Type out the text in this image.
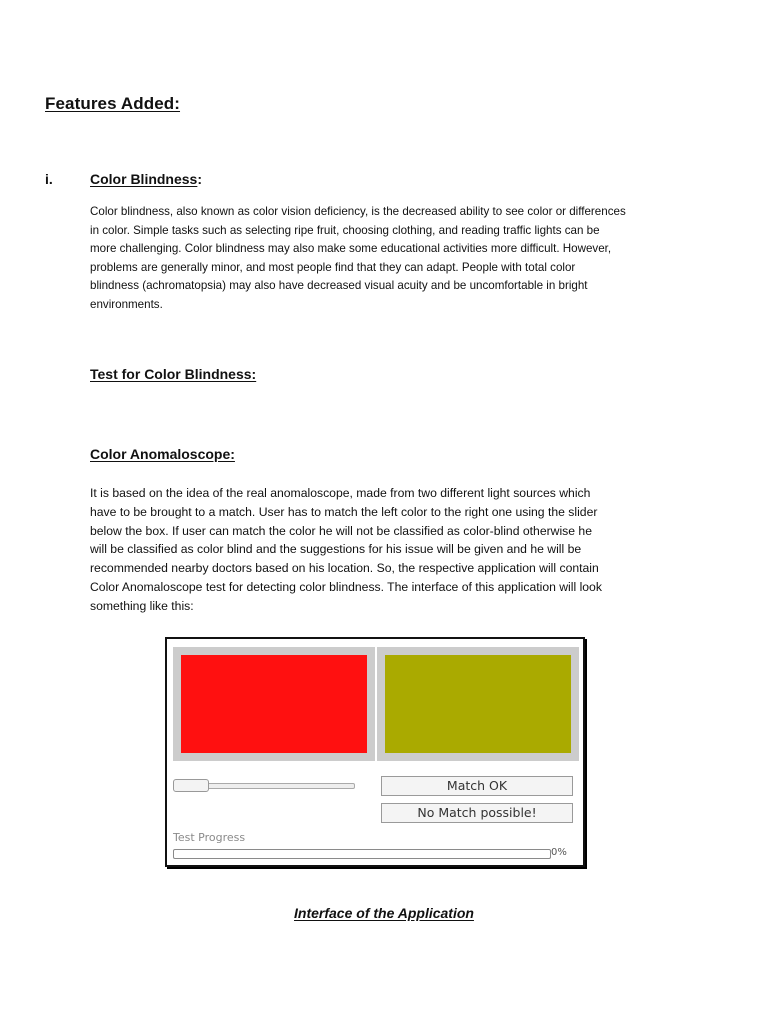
Features Added:
i.	Color Blindness:

Color blindness, also known as color vision deficiency, is the decreased ability to see color or differences
in color. Simple tasks such as selecting ripe fruit, choosing clothing, and reading traffic lights can be
more challenging. Color blindness may also make some educational activities more difficult. However,
problems are generally minor, and most people find that they can adapt. People with total color
blindness (achromatopsia) may also have decreased visual acuity and be uncomfortable in bright
environments.

Test for Color Blindness:
Color Anomaloscope:

It is based on the idea of the real anomaloscope, made from two different light sources which
have to be brought to a match. User has to match the left color to the right one using the slider
below the box. If user can match the color he will not be classified as color-blind otherwise he
will be classified as color blind and the suggestions for his issue will be given and he will be
recommended nearby doctors based on his location. So, the respective application will contain
Color Anomaloscope test for detecting color blindness. The interface of this application will look
something like this:

Match OK
No Match possible!
Test Progress
0%
Interface of the Application
